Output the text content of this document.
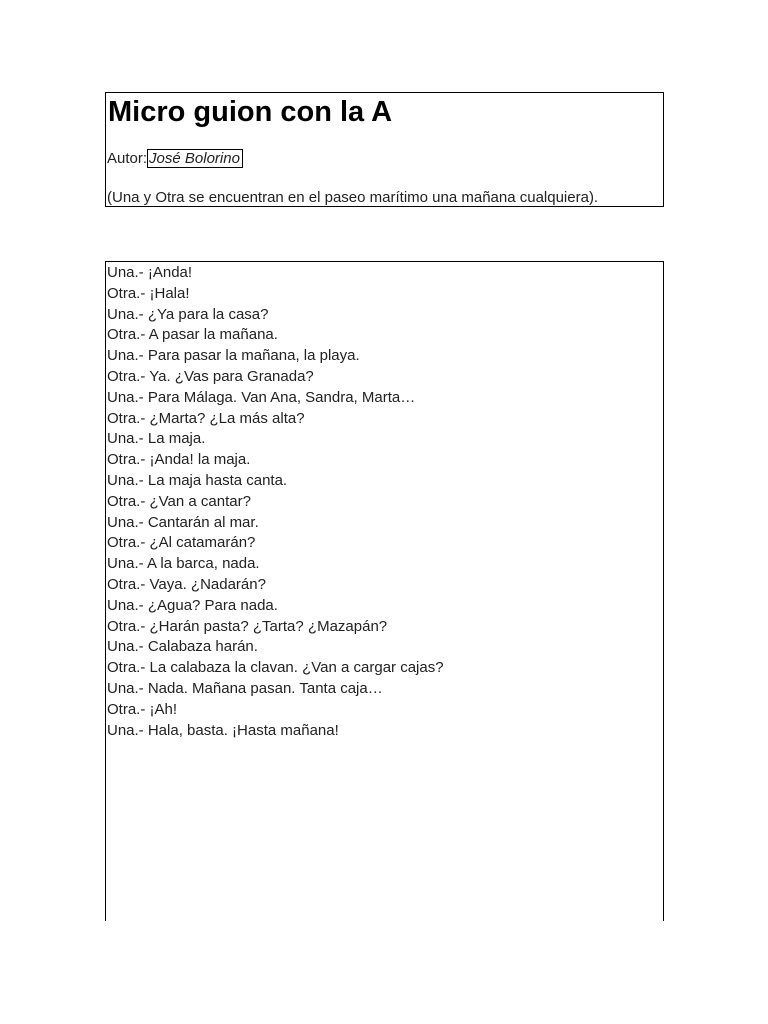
Micro guion con la A
Autor: José Bolorino
(Una y Otra se encuentran en el paseo marítimo una mañana cualquiera).
Una.- ¡Anda!
Otra.- ¡Hala!
Una.- ¿Ya para la casa?
Otra.- A pasar la mañana.
Una.- Para pasar la mañana, la playa.
Otra.- Ya. ¿Vas para Granada?
Una.- Para Málaga. Van Ana, Sandra, Marta…
Otra.- ¿Marta? ¿La más alta?
Una.- La maja.
Otra.- ¡Anda! la maja.
Una.- La maja hasta canta.
Otra.- ¿Van a cantar?
Una.- Cantarán al mar.
Otra.- ¿Al catamarán?
Una.- A la barca, nada.
Otra.- Vaya. ¿Nadarán?
Una.- ¿Agua? Para nada.
Otra.- ¿Harán pasta? ¿Tarta? ¿Mazapán?
Una.- Calabaza harán.
Otra.- La calabaza la clavan. ¿Van a cargar cajas?
Una.- Nada. Mañana pasan. Tanta caja…
Otra.- ¡Ah!
Una.- Hala, basta. ¡Hasta mañana!
